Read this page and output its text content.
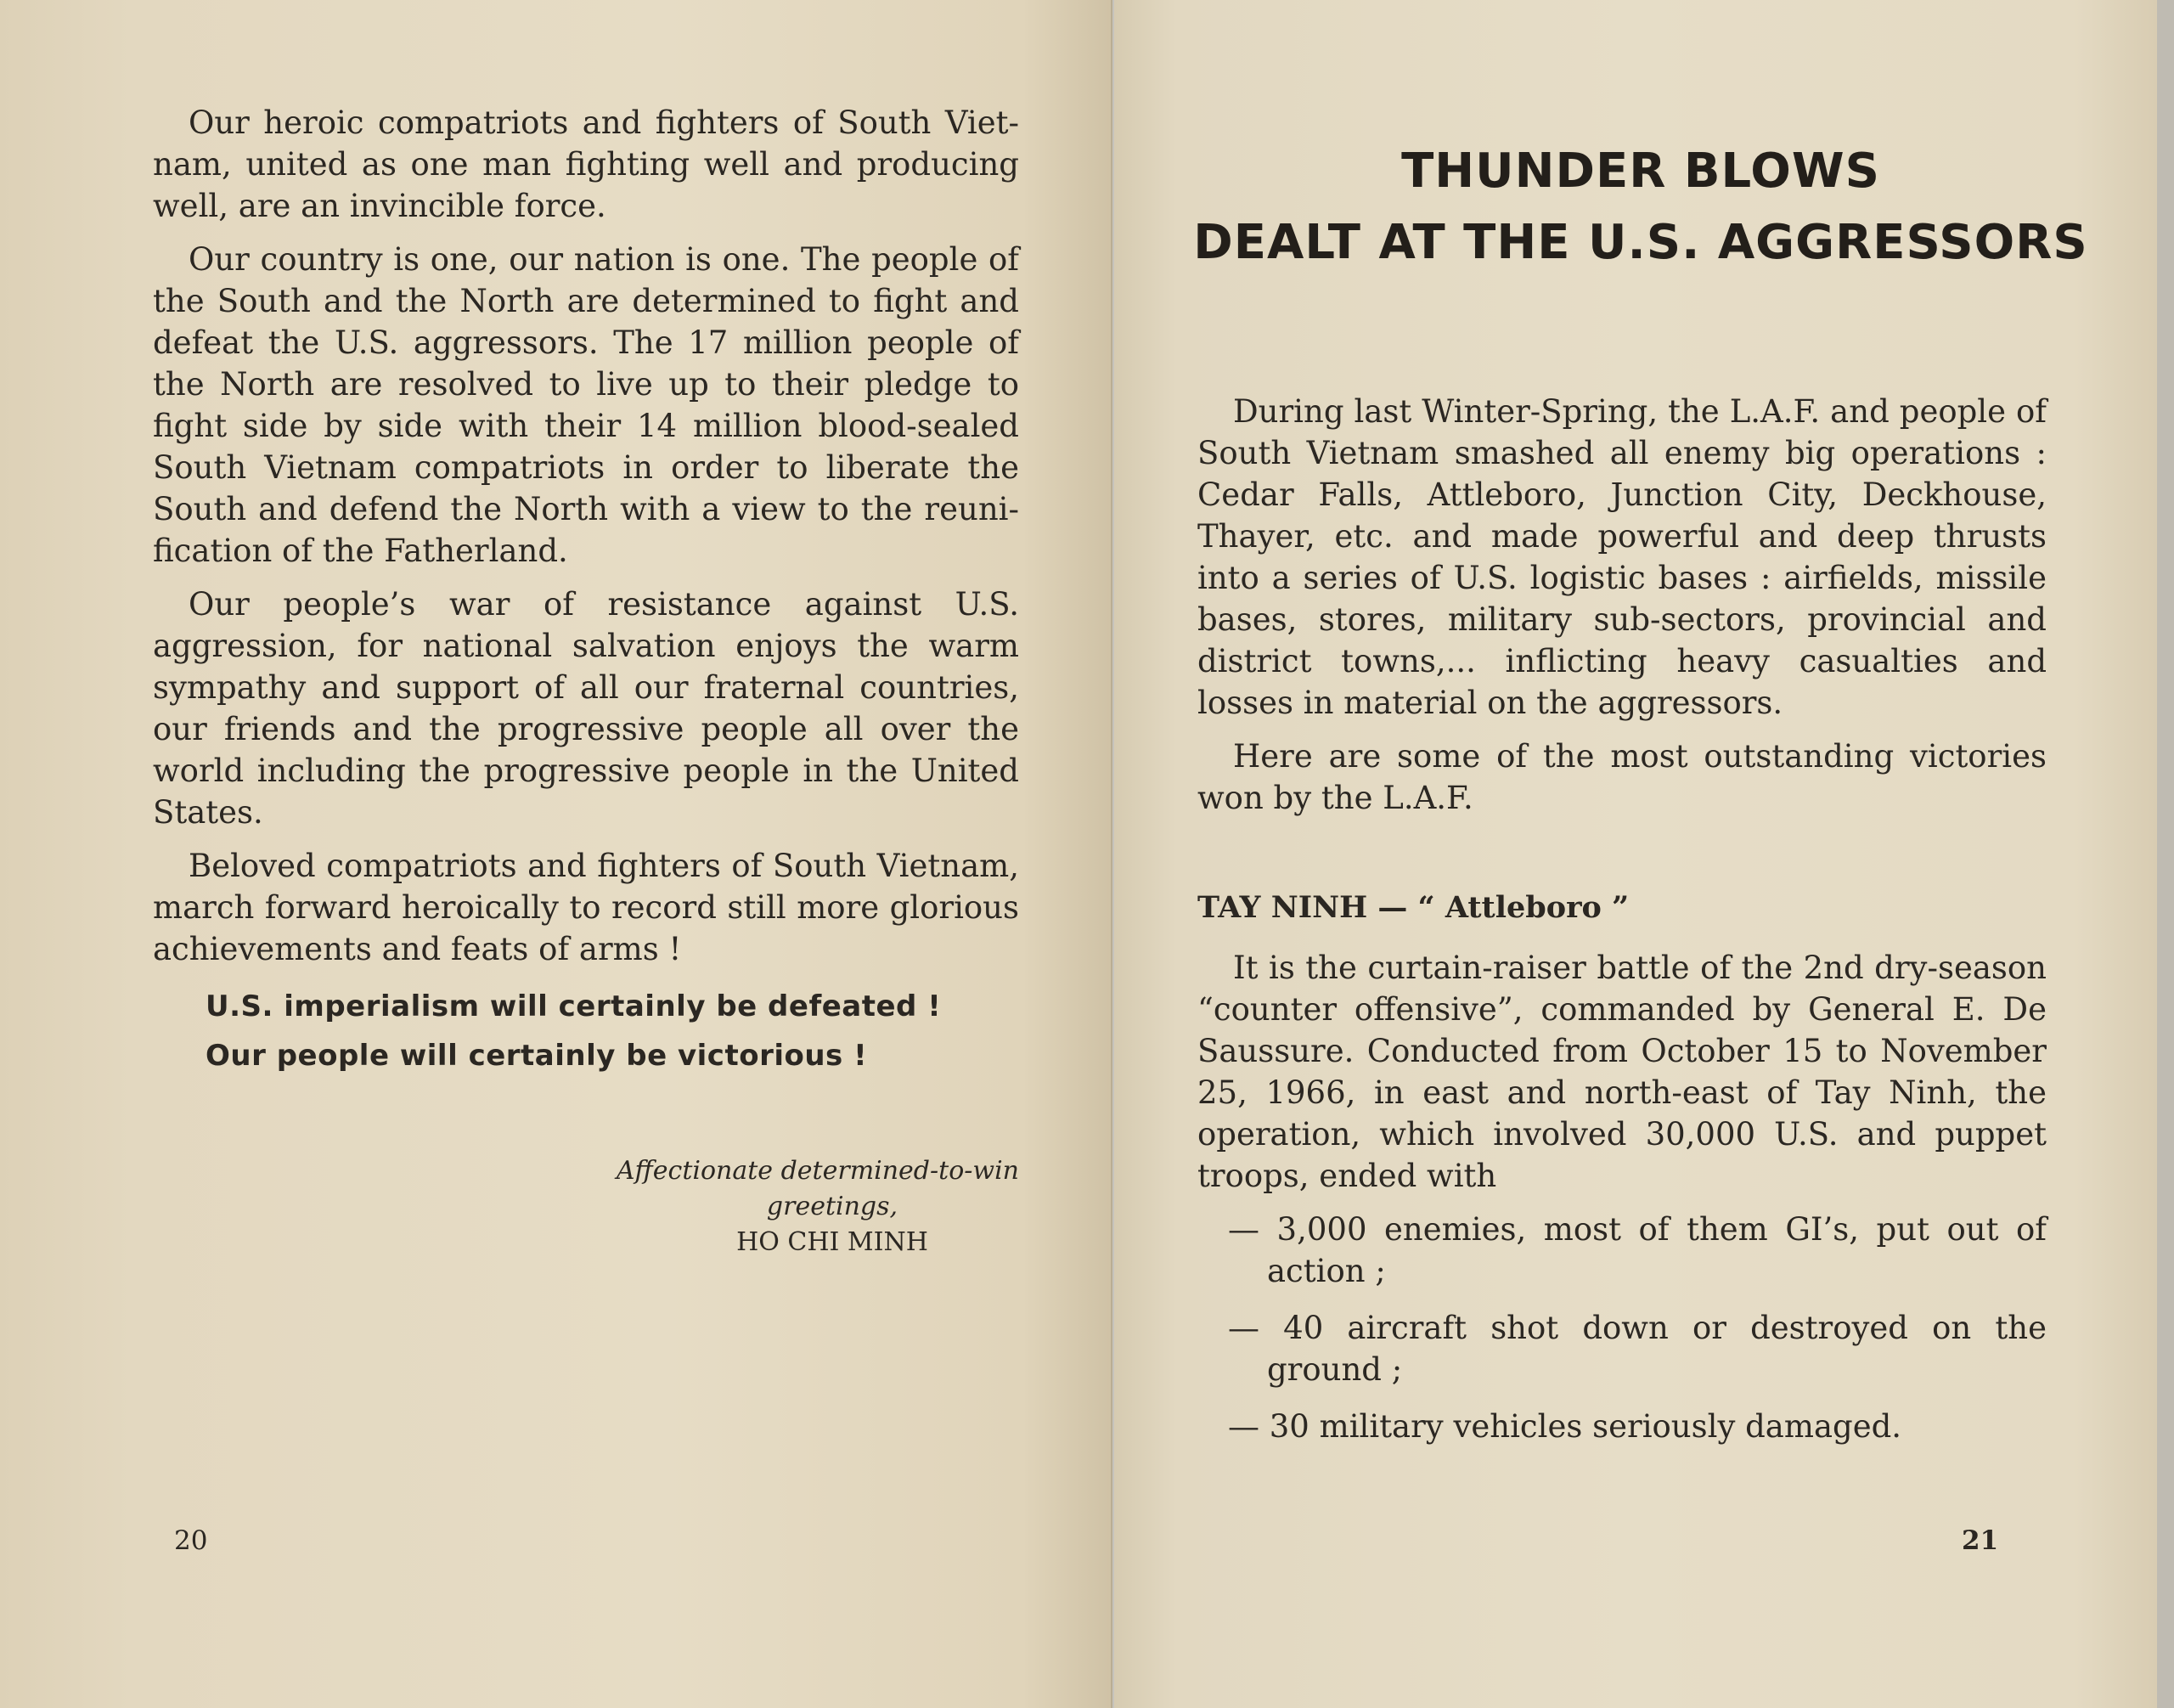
Our heroic compatriots and fighters of South Viet-nam, united as one man fighting well and producing well, are an invincible force.

Our country is one, our nation is one. The people of the South and the North are determined to fight and defeat the U.S. aggressors. The 17 million people of the North are resolved to live up to their pledge to fight side by side with their 14 million blood-sealed South Vietnam compatriots in order to liberate the South and defend the North with a view to the reuni-fication of the Fatherland.

Our people’s war of resistance against U.S. aggression, for national salvation enjoys the warm sympathy and support of all our fraternal countries, our friends and the progressive people all over the world including the progressive people in the United States.

Beloved compatriots and fighters of South Vietnam, march forward heroically to record still more glorious achievements and feats of arms !

U.S. imperialism will certainly be defeated !

Our people will certainly be victorious !

Affectionate determined-to-win

greetings,
HO CHI MINH
20
THUNDER BLOWS
DEALT AT THE U.S. AGGRESSORS

During last Winter-Spring, the L.A.F. and people of South Vietnam smashed all enemy big operations : Cedar Falls, Attleboro, Junction City, Deckhouse, Thayer, etc. and made powerful and deep thrusts into a series of U.S. logistic bases : airfields, missile bases, stores, military sub-sectors, provincial and district towns,... inflicting heavy casualties and losses in material on the aggressors.

Here are some of the most outstanding victories won by the L.A.F.

TAY NINH — “ Attleboro ”

It is the curtain-raiser battle of the 2nd dry-season “counter offensive”, commanded by General E. De Saussure. Conducted from October 15 to November 25, 1966, in east and north-east of Tay Ninh, the operation, which involved 30,000 U.S. and puppet troops, ended with

— 3,000 enemies, most of them GI’s, put out of action ;

— 40 aircraft shot down or destroyed on the ground ;

— 30 military vehicles seriously damaged.

21
